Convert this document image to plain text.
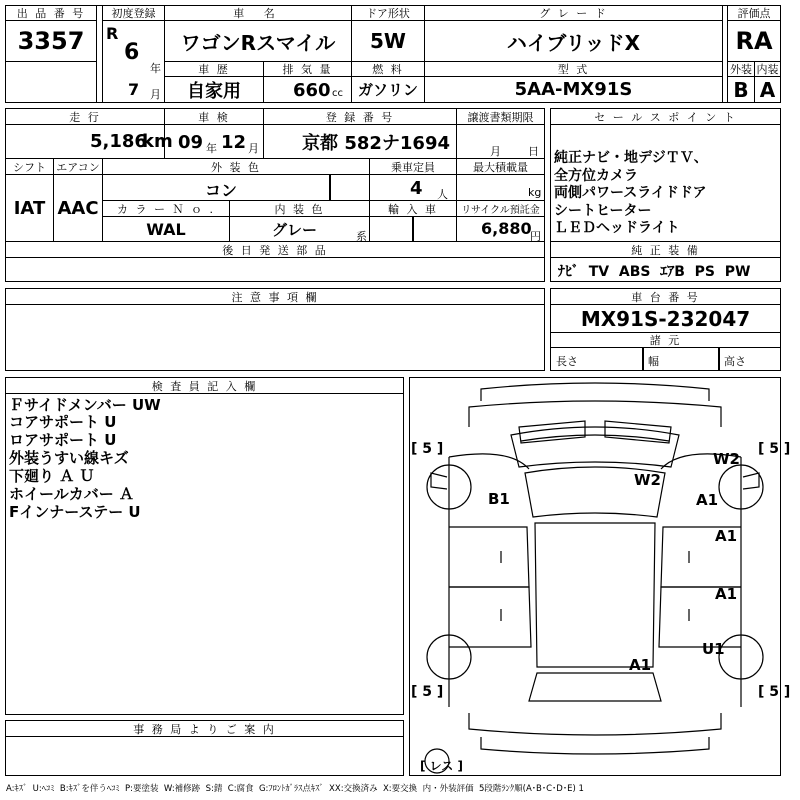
出 品 番 号
3357
初度登録
R
6
年
7 月
車 名
ワゴンRスマイル
ドア形状
5W
グ レ ー ド
ハイブリッドX
評価点
RA
外装 内装
B A
車 歴
自家用
排 気 量
660 cc
燃 料
ガソリン
型 式
5AA-MX91S
走 行
5,186
km
車 検
09 年 12 月
登 録 番 号
京都 582ナ1694
譲渡書類期限
月 日
シフト
IAT
エアコン
AAC
外 装 色
コン
乗車定員
4 人
最大積載量
kg
カ ラ ー Ｎ ｏ .
WAL
内 装 色
グレー	系
輸 入 車	リサイクル預託金
6,880
円
後 日 発 送 部 品
セ ー ル ス ポ イ ン ト
純正ナビ・地デジＴＶ、
全方位カメラ
両側パワースライドドア
シートヒーター
ＬＥＤヘッドライト
純 正 装 備
ﾅﾋﾞ  TV  ABS  ｴｱB  PS  PW
注 意 事 項 欄	車 台 番 号
MX91S-232047
諸 元
長さ	幅	高さ
検 査 員 記 入 欄
Ｆサイドメンバー UW
コアサポート U
ロアサポート U
外装うすい線キズ
下廻り Ａ Ｕ
ホイールカバー Ａ
Fインナーステー U
事 務 局 よ り ご 案 内
[ 5 ]	[ 5 ]
[ 5 ]	[ 5 ]
[ レス ]
W2
W2
B1	A1
A1
A1
U1
A1
A:ｷｽﾞ  U:ﾍｺﾐ  B:ｷｽﾞを伴うﾍｺﾐ  P:要塗装  W:補修跡  S:錆  C:腐食  G:ﾌﾛﾝﾄｶﾞﾗｽ点ｷｽﾞ  XX:交換済み  X:要交換  内・外装評価  5段階ﾗﾝｸ順(A･B･C･D･E) 1
